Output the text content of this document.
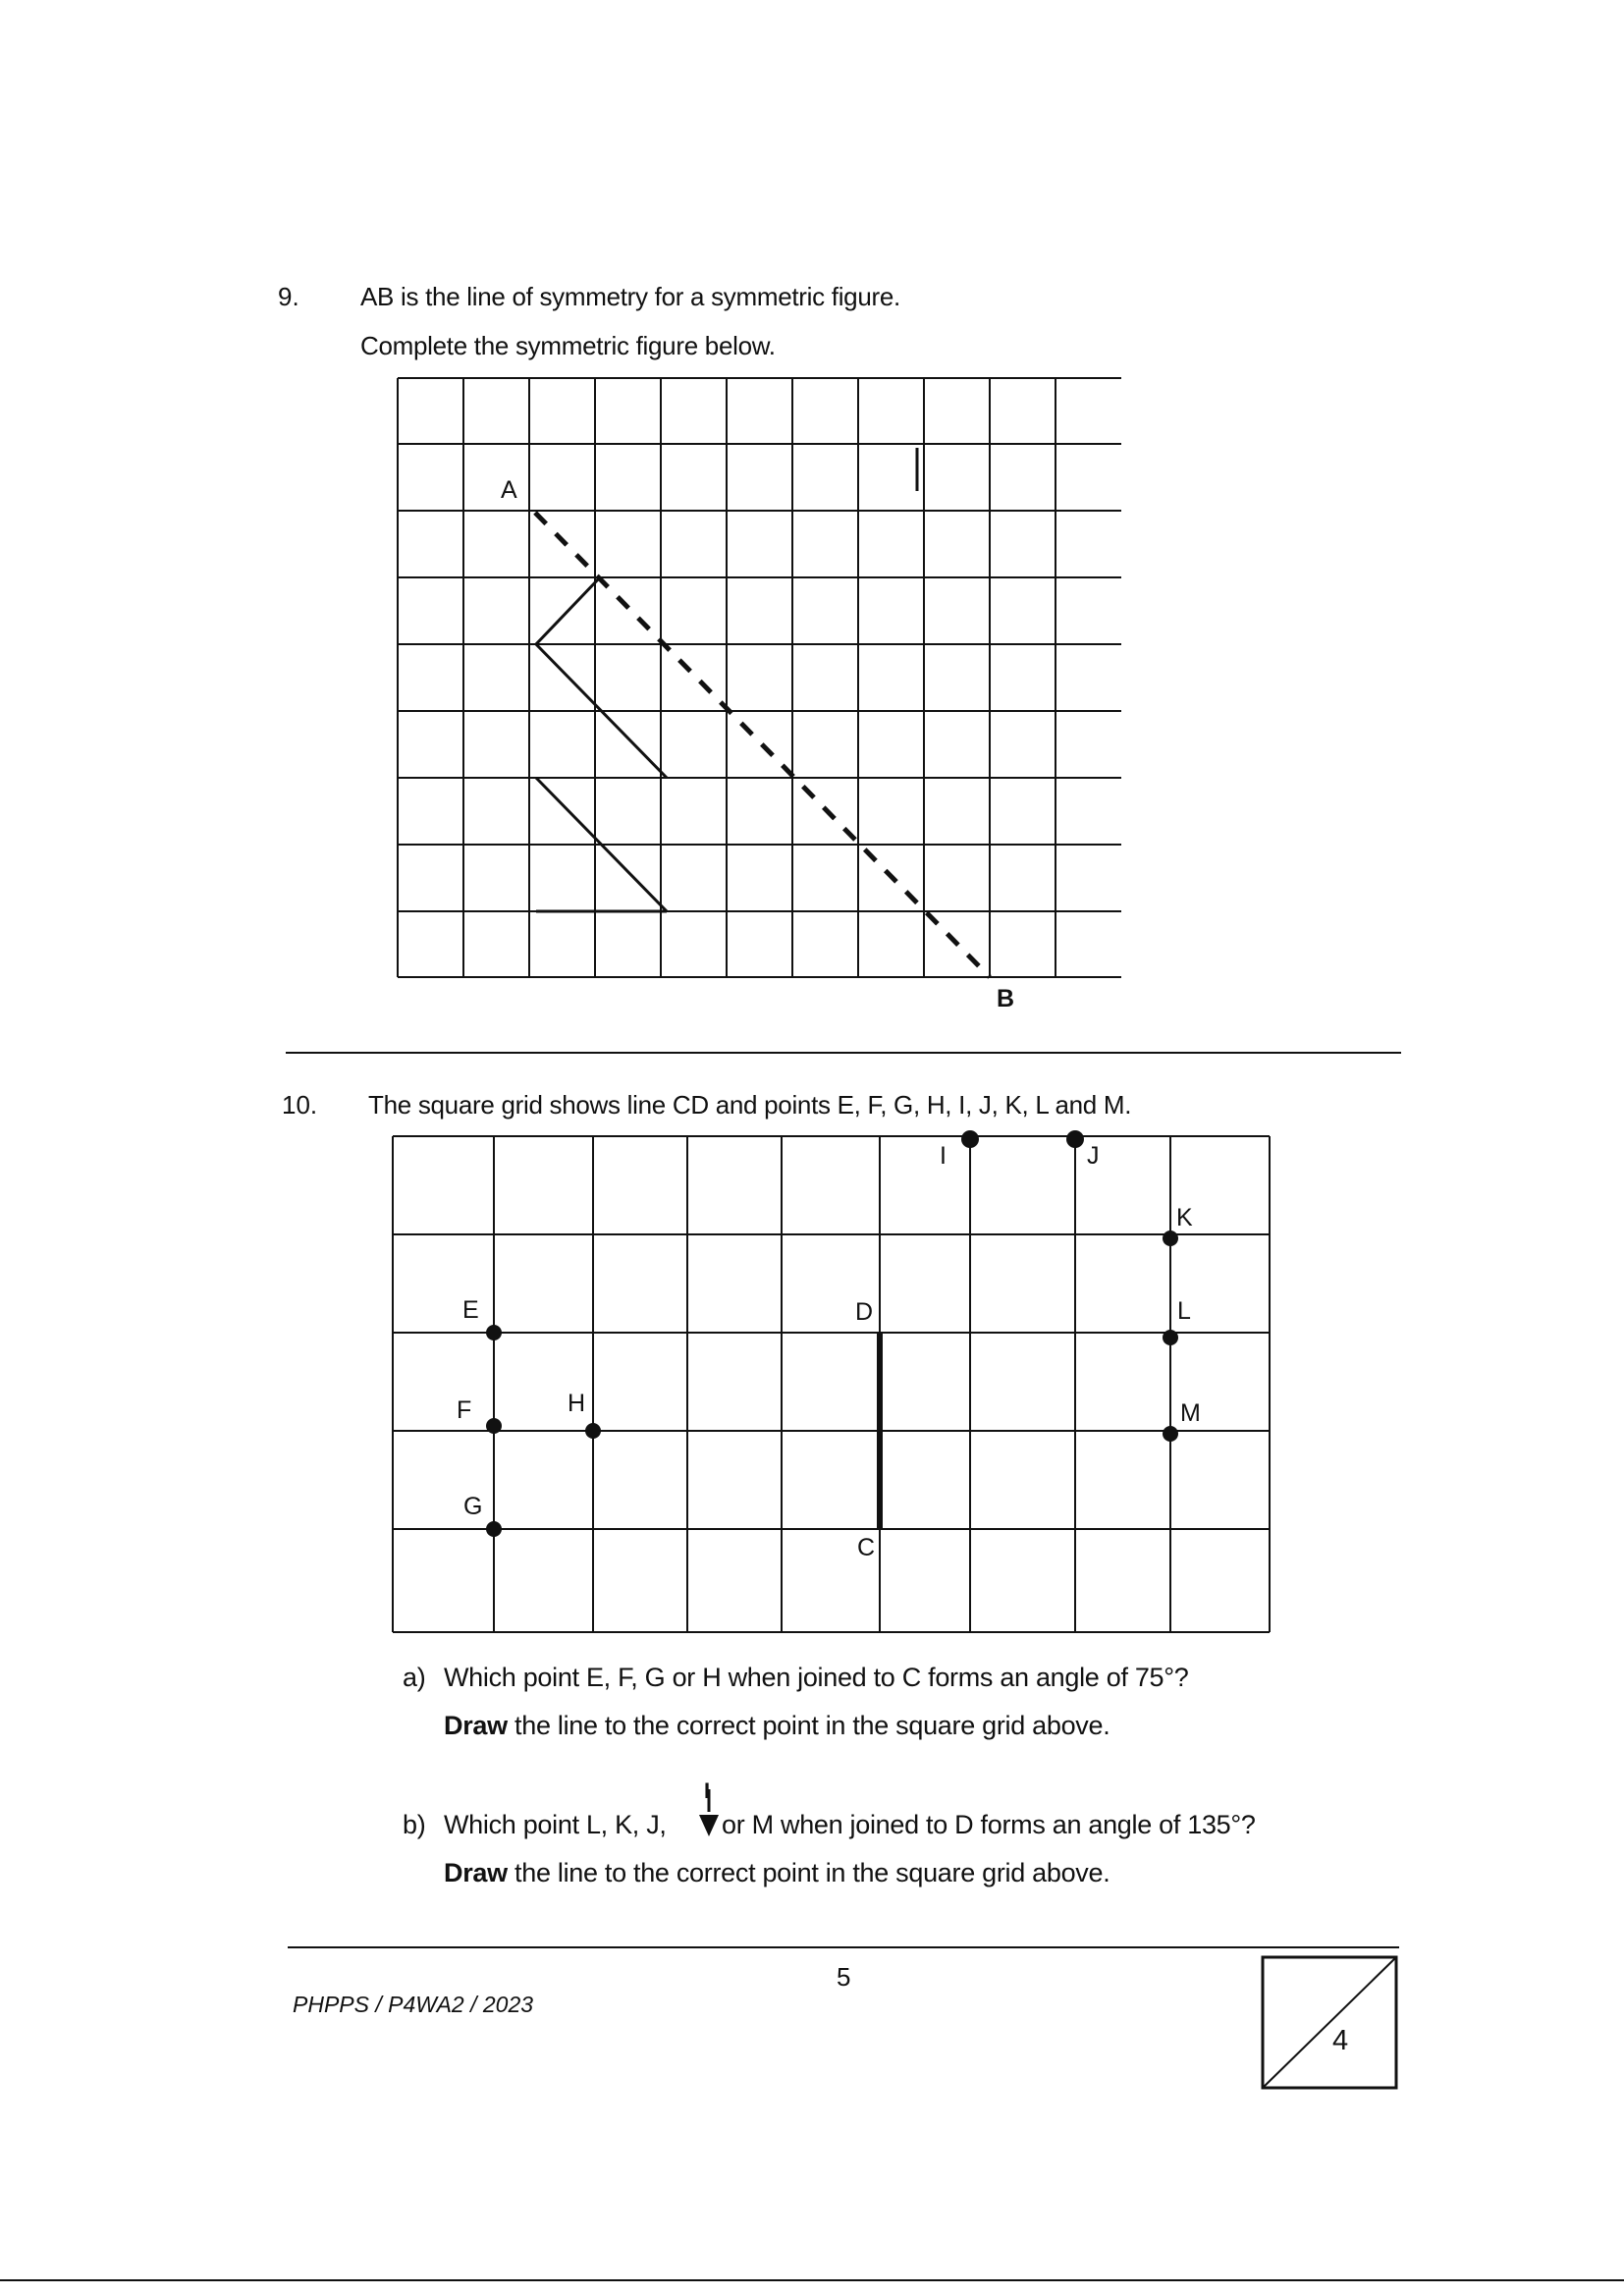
9. AB is the line of symmetry for a symmetric figure.
Complete the symmetric figure below.
A
B
10. The square grid shows line CD and points E, F, G, H, I, J, K, L and M.
I	J
K
E	D	L
F	H	M
G
C
a) Which point E, F, G or H when joined to C forms an angle of 75°?
Draw the line to the correct point in the square grid above.
I
b) Which point L, K, J, or M when joined to D forms an angle of 135°?
Draw the line to the correct point in the square grid above.
5
PHPPS / P4WA2 / 2023
4
